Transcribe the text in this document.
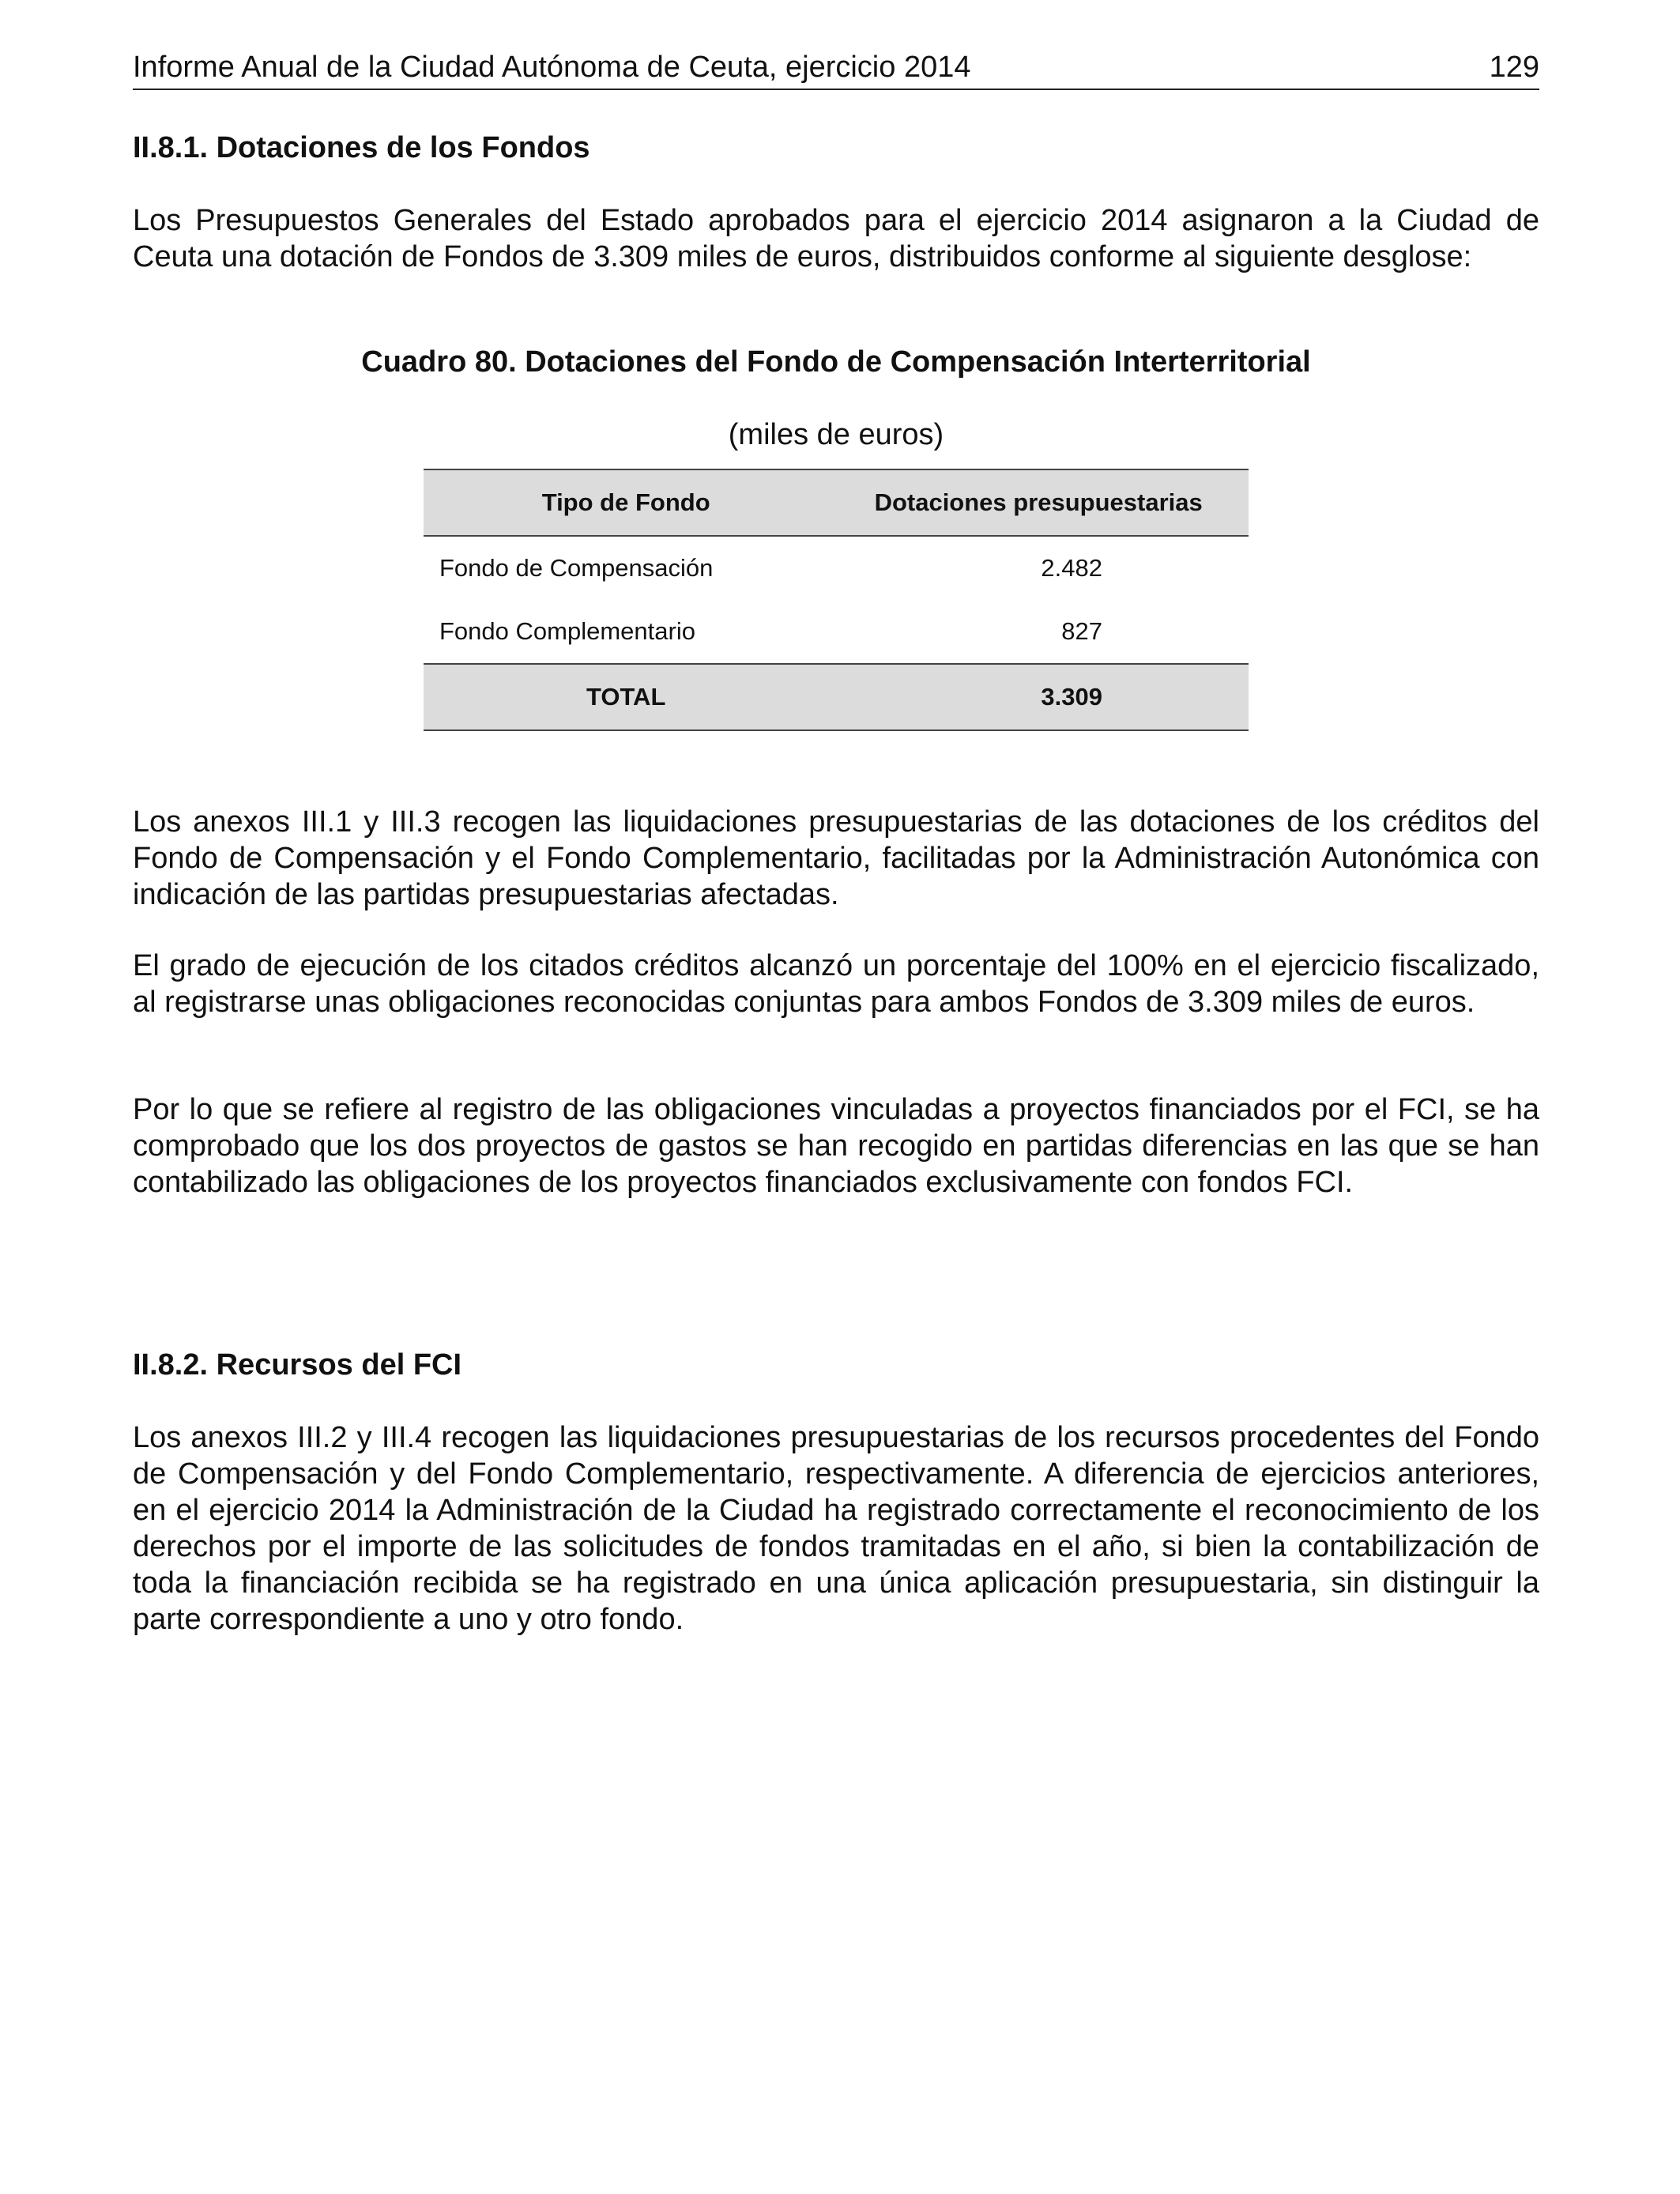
Informe Anual de la Ciudad Autónoma de Ceuta, ejercicio 2014	129
II.8.1. Dotaciones de los Fondos

Los Presupuestos Generales del Estado aprobados para el ejercicio 2014 asignaron a la Ciudad de Ceuta una dotación de Fondos de 3.309 miles de euros, distribuidos conforme al siguiente desglose:

Cuadro 80. Dotaciones del Fondo de Compensación Interterritorial

(miles de euros)

Tipo de Fondo	Dotaciones presupuestarias
Fondo de Compensación	2.482
Fondo Complementario	827
TOTAL	3.309

Los anexos III.1 y III.3 recogen las liquidaciones presupuestarias de las dotaciones de los créditos del Fondo de Compensación y el Fondo Complementario, facilitadas por la Administración Autonómica con indicación de las partidas presupuestarias afectadas.

El grado de ejecución de los citados créditos alcanzó un porcentaje del 100% en el ejercicio fiscalizado, al registrarse unas obligaciones reconocidas conjuntas para ambos Fondos de 3.309 miles de euros.

Por lo que se refiere al registro de las obligaciones vinculadas a proyectos financiados por el FCI, se ha comprobado que los dos proyectos de gastos se han recogido en partidas diferencias en las que se han contabilizado las obligaciones de los proyectos financiados exclusivamente con fondos FCI.

II.8.2. Recursos del FCI

Los anexos III.2 y III.4 recogen las liquidaciones presupuestarias de los recursos procedentes del Fondo de Compensación y del Fondo Complementario, respectivamente. A diferencia de ejercicios anteriores, en el ejercicio 2014 la Administración de la Ciudad ha registrado correctamente el reconocimiento de los derechos por el importe de las solicitudes de fondos tramitadas en el año, si bien la contabilización de toda la financiación recibida se ha registrado en una única aplicación presupuestaria, sin distinguir la parte correspondiente a uno y otro fondo.
